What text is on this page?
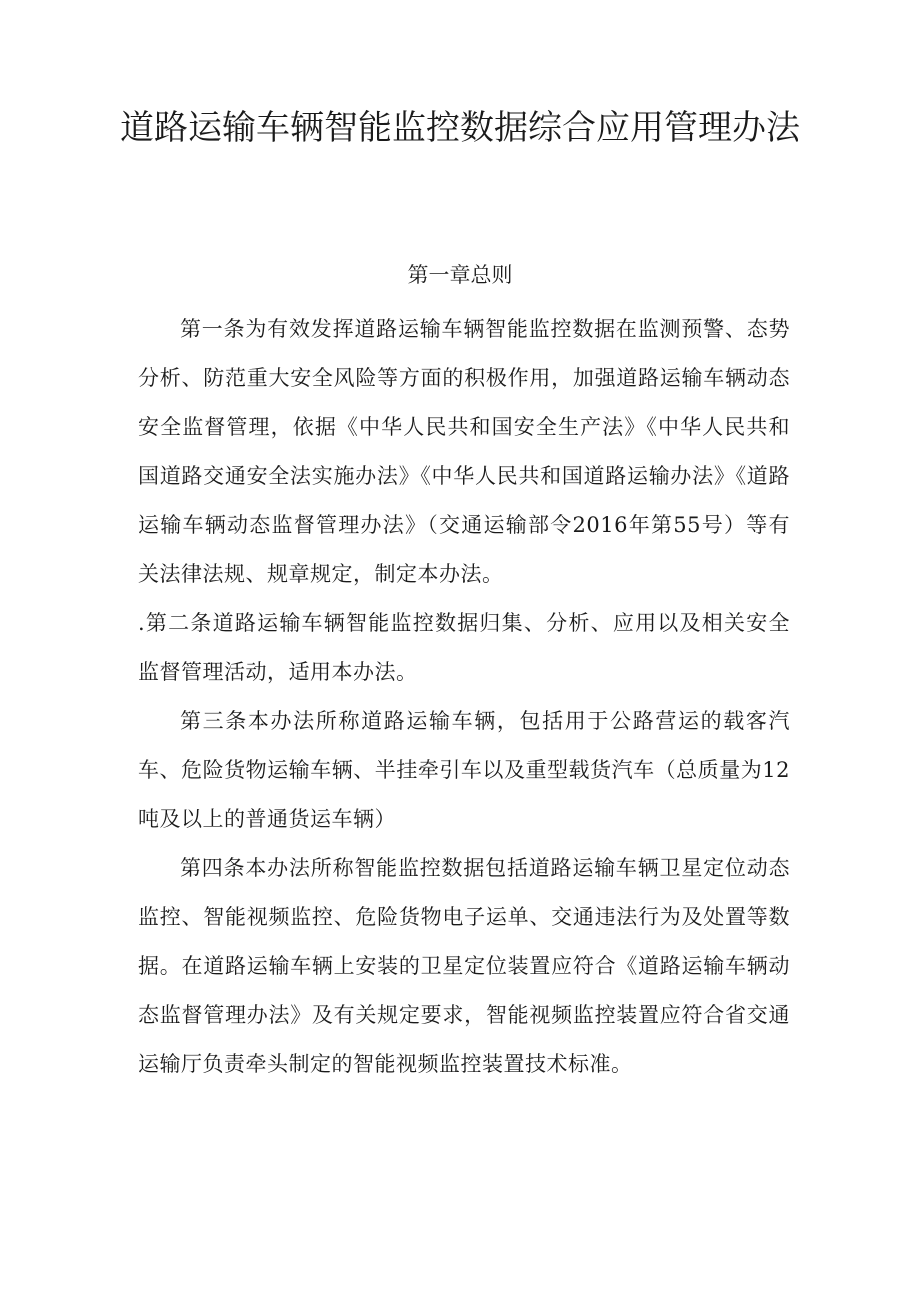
道路运输车辆智能监控数据综合应用管理办法

第一章总则

第一条为有效发挥道路运输车辆智能监控数据在监测预警、态势分析、防范重大安全风险等方面的积极作用，加强道路运输车辆动态安全监督管理，依据《中华人民共和国安全生产法》《中华人民共和国道路交通安全法实施办法》《中华人民共和国道路运输办法》《道路运输车辆动态监督管理办法》（交通运输部令2016年第55号）等有关法律法规、规章规定，制定本办法。

.第二条道路运输车辆智能监控数据归集、分析、应用以及相关安全监督管理活动，适用本办法。

第三条本办法所称道路运输车辆，包括用于公路营运的载客汽车、危险货物运输车辆、半挂牵引车以及重型载货汽车（总质量为12吨及以上的普通货运车辆）

第四条本办法所称智能监控数据包括道路运输车辆卫星定位动态监控、智能视频监控、危险货物电子运单、交通违法行为及处置等数据。在道路运输车辆上安装的卫星定位装置应符合《道路运输车辆动态监督管理办法》及有关规定要求，智能视频监控装置应符合省交通运输厅负责牵头制定的智能视频监控装置技术标准。
